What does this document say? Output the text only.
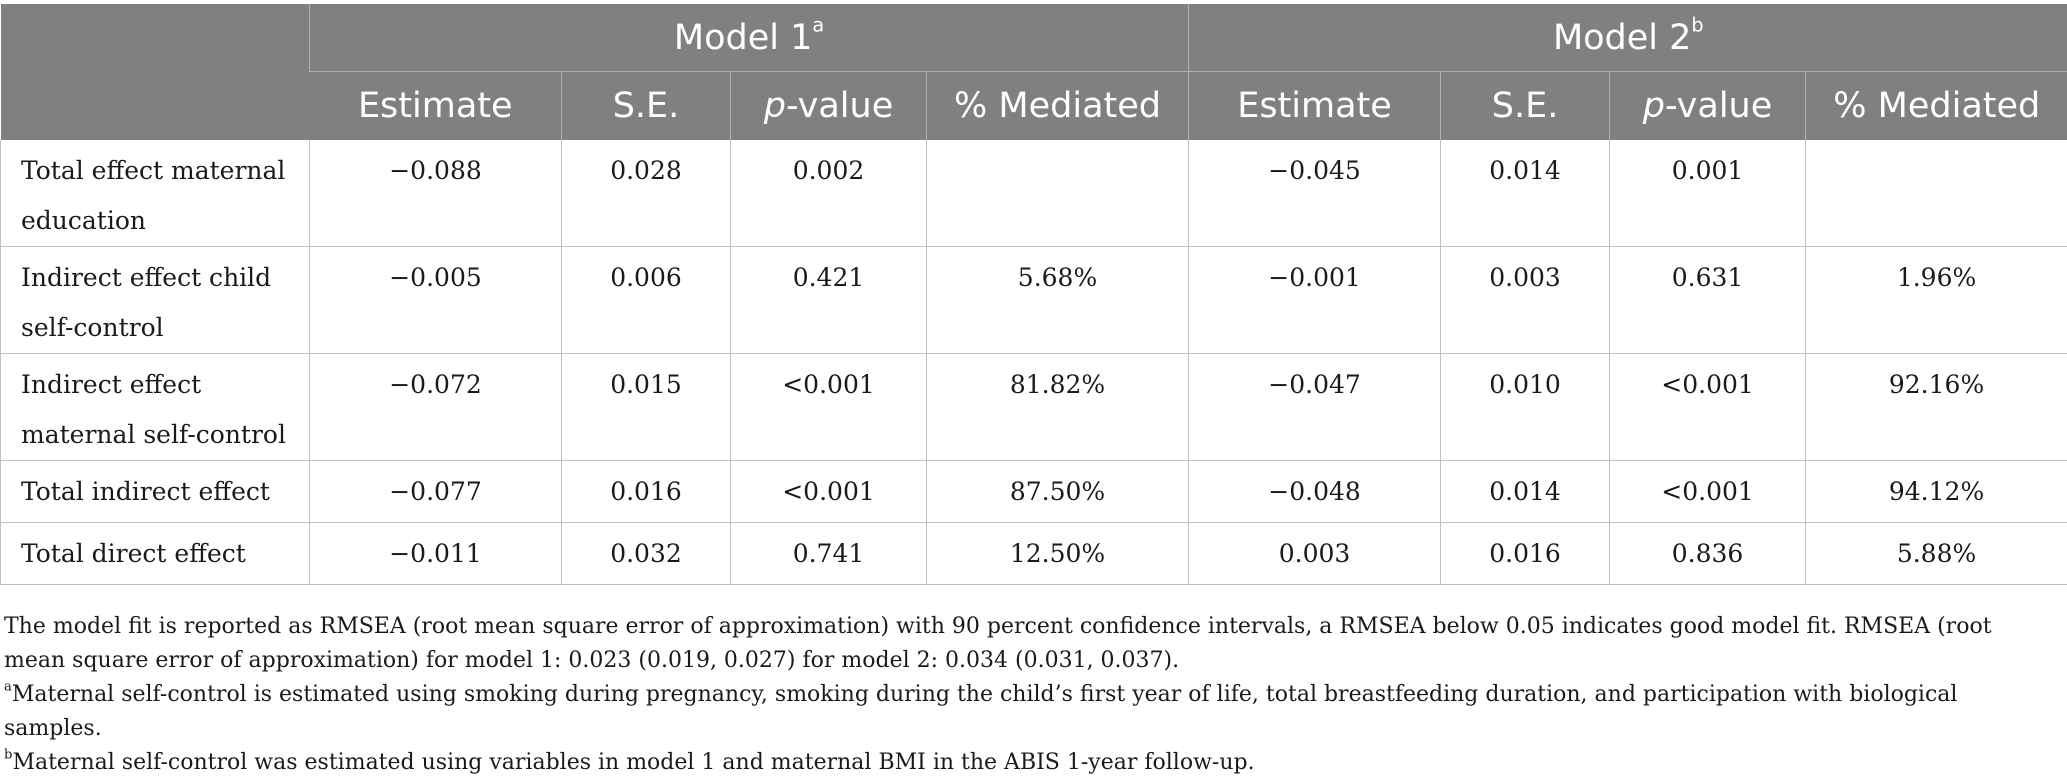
	Model 1$^a$				Model 2$^b$
	Estimate	S.E.	p-value	% Mediated	Estimate	S.E.	p-value	% Mediated
Total effect maternal education	−0.088	0.028	0.002		−0.045	0.014	0.001	
Indirect effect child self-control	−0.005	0.006	0.421	5.68%	−0.001	0.003	0.631	1.96%
Indirect effect maternal self-control	−0.072	0.015	<0.001	81.82%	−0.047	0.010	<0.001	92.16%
Total indirect effect	−0.077	0.016	<0.001	87.50%	−0.048	0.014	<0.001	94.12%
Total direct effect	−0.011	0.032	0.741	12.50%	0.003	0.016	0.836	5.88%

The model fit is reported as RMSEA (root mean square error of approximation) with 90 percent confidence intervals, a RMSEA below 0.05 indicates good model fit. RMSEA (root mean square error of approximation) for model 1: 0.023 (0.019, 0.027) for model 2: 0.034 (0.031, 0.037).

$^a$Maternal self-control is estimated using smoking during pregnancy, smoking during the child’s first year of life, total breastfeeding duration, and participation with biological samples.

$^b$Maternal self-control was estimated using variables in model 1 and maternal BMI in the ABIS 1-year follow-up.
